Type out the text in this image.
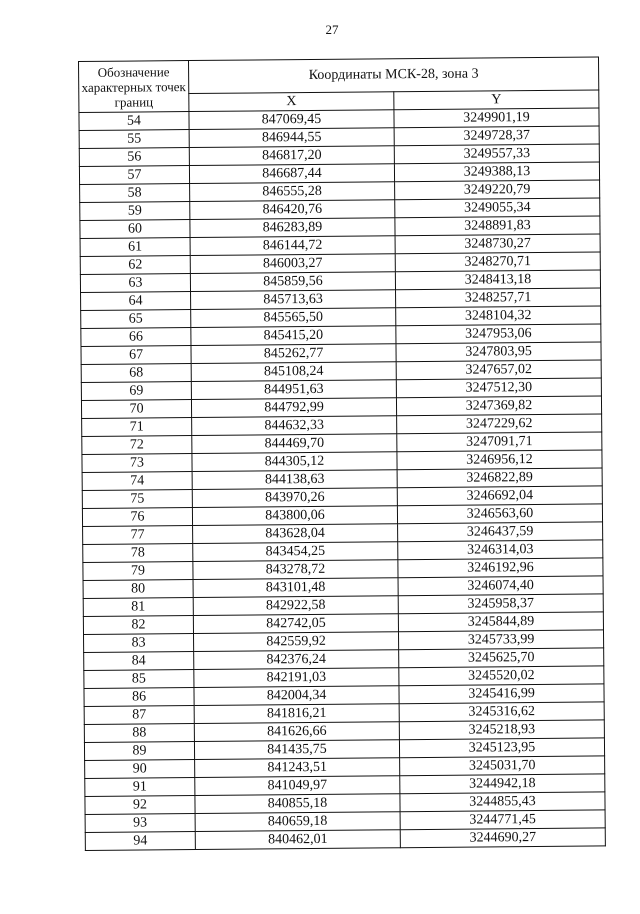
27
Обозначение характерных точек границ	Координаты МСК-28, зона 3	
	X	Y
54	847069,45	3249901,19
55	846944,55	3249728,37
56	846817,20	3249557,33
57	846687,44	3249388,13
58	846555,28	3249220,79
59	846420,76	3249055,34
60	846283,89	3248891,83
61	846144,72	3248730,27
62	846003,27	3248270,71
63	845859,56	3248413,18
64	845713,63	3248257,71
65	845565,50	3248104,32
66	845415,20	3247953,06
67	845262,77	3247803,95
68	845108,24	3247657,02
69	844951,63	3247512,30
70	844792,99	3247369,82
71	844632,33	3247229,62
72	844469,70	3247091,71
73	844305,12	3246956,12
74	844138,63	3246822,89
75	843970,26	3246692,04
76	843800,06	3246563,60
77	843628,04	3246437,59
78	843454,25	3246314,03
79	843278,72	3246192,96
80	843101,48	3246074,40
81	842922,58	3245958,37
82	842742,05	3245844,89
83	842559,92	3245733,99
84	842376,24	3245625,70
85	842191,03	3245520,02
86	842004,34	3245416,99
87	841816,21	3245316,62
88	841626,66	3245218,93
89	841435,75	3245123,95
90	841243,51	3245031,70
91	841049,97	3244942,18
92	840855,18	3244855,43
93	840659,18	3244771,45
94	840462,01	3244690,27
